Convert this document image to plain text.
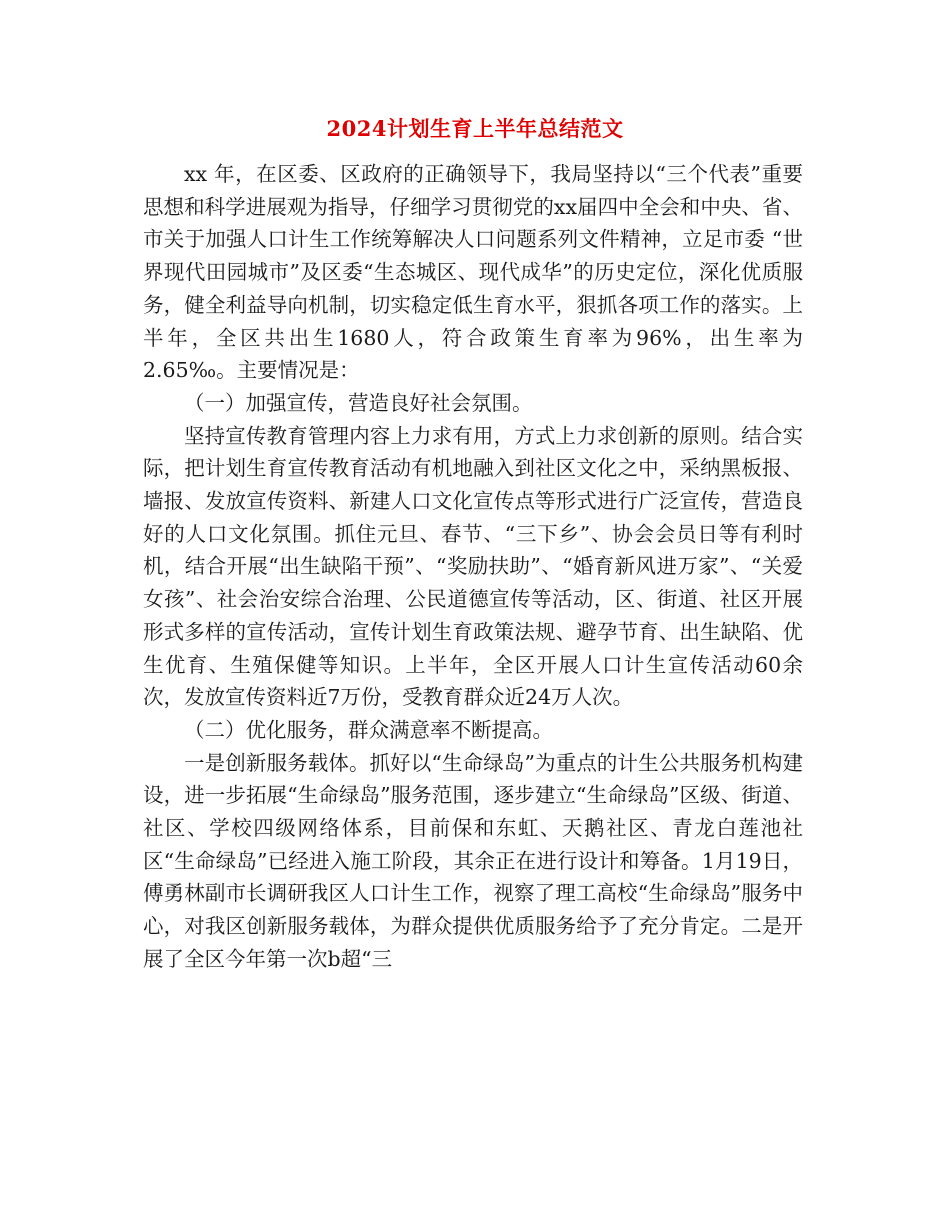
2024计划生育上半年总结范文

xx 年，在区委、区政府的正确领导下，我局坚持以“三个代表”重要思想和科学进展观为指导，仔细学习贯彻党的xx届四中全会和中央、省、市关于加强人口计生工作统筹解决人口问题系列文件精神，立足市委 “世界现代田园城市”及区委“生态城区、现代成华”的历史定位，深化优质服务，健全利益导向机制，切实稳定低生育水平，狠抓各项工作的落实。上半年，全区共出生1680人，符合政策生育率为96%，出生率为2.65‰。主要情况是：

（一）加强宣传，营造良好社会氛围。

坚持宣传教育管理内容上力求有用，方式上力求创新的原则。结合实际，把计划生育宣传教育活动有机地融入到社区文化之中，采纳黑板报、墙报、发放宣传资料、新建人口文化宣传点等形式进行广泛宣传，营造良好的人口文化氛围。抓住元旦、春节、“三下乡”、协会会员日等有利时机，结合开展“出生缺陷干预”、“奖励扶助”、“婚育新风进万家”、“关爱女孩”、社会治安综合治理、公民道德宣传等活动，区、街道、社区开展形式多样的宣传活动，宣传计划生育政策法规、避孕节育、出生缺陷、优生优育、生殖保健等知识。上半年，全区开展人口计生宣传活动60余次，发放宣传资料近7万份，受教育群众近24万人次。

（二）优化服务，群众满意率不断提高。

一是创新服务载体。抓好以“生命绿岛”为重点的计生公共服务机构建设，进一步拓展“生命绿岛”服务范围，逐步建立“生命绿岛”区级、街道、社区、学校四级网络体系，目前保和东虹、天鹅社区、青龙白莲池社区“生命绿岛”已经进入施工阶段，其余正在进行设计和筹备。1月19日，傅勇林副市长调研我区人口计生工作，视察了理工高校“生命绿岛”服务中心，对我区创新服务载体，为群众提供优质服务给予了充分肯定。二是开展了全区今年第一次b超“三
